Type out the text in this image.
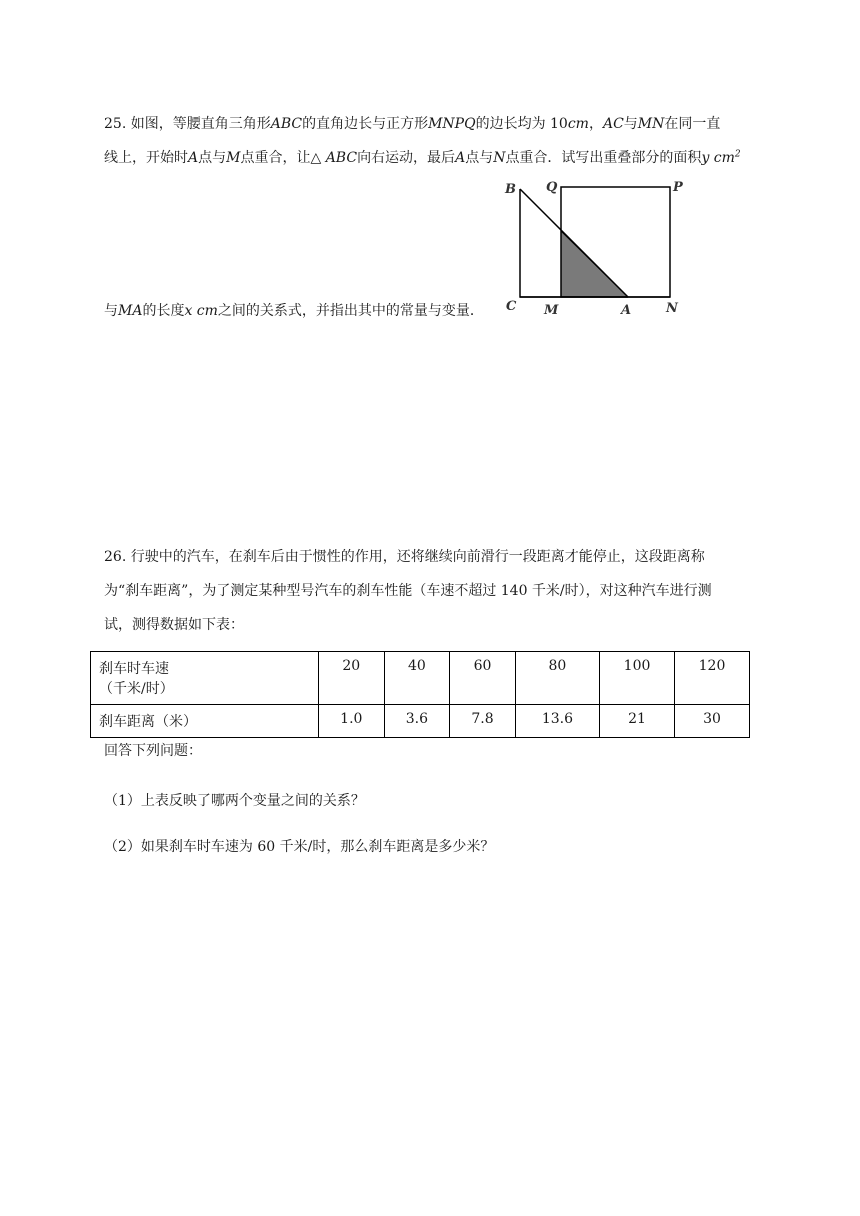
25. 如图，等腰直角三角形ABC的直角边长与正方形MNPQ的边长均为 10cm，AC与MN在同一直
线上，开始时A点与M点重合，让△ ABC向右运动，最后A点与N点重合．试写出重叠部分的面积y $cm^2$
与MA的长度x cm之间的关系式，并指出其中的常量与变量．
B Q	P
C M	A	N
26. 行驶中的汽车，在刹车后由于惯性的作用，还将继续向前滑行一段距离才能停止，这段距离称
为“刹车距离”，为了测定某种型号汽车的刹车性能（车速不超过 140 千米/时），对这种汽车进行测
试，测得数据如下表：
刹车时车速
（千米/时）	20	40	60	80	100	120
刹车距离（米）	1.0	3.6	7.8	13.6	21	30
回答下列问题：
（1）上表反映了哪两个变量之间的关系？
（2）如果刹车时车速为 60 千米/时，那么刹车距离是多少米？
